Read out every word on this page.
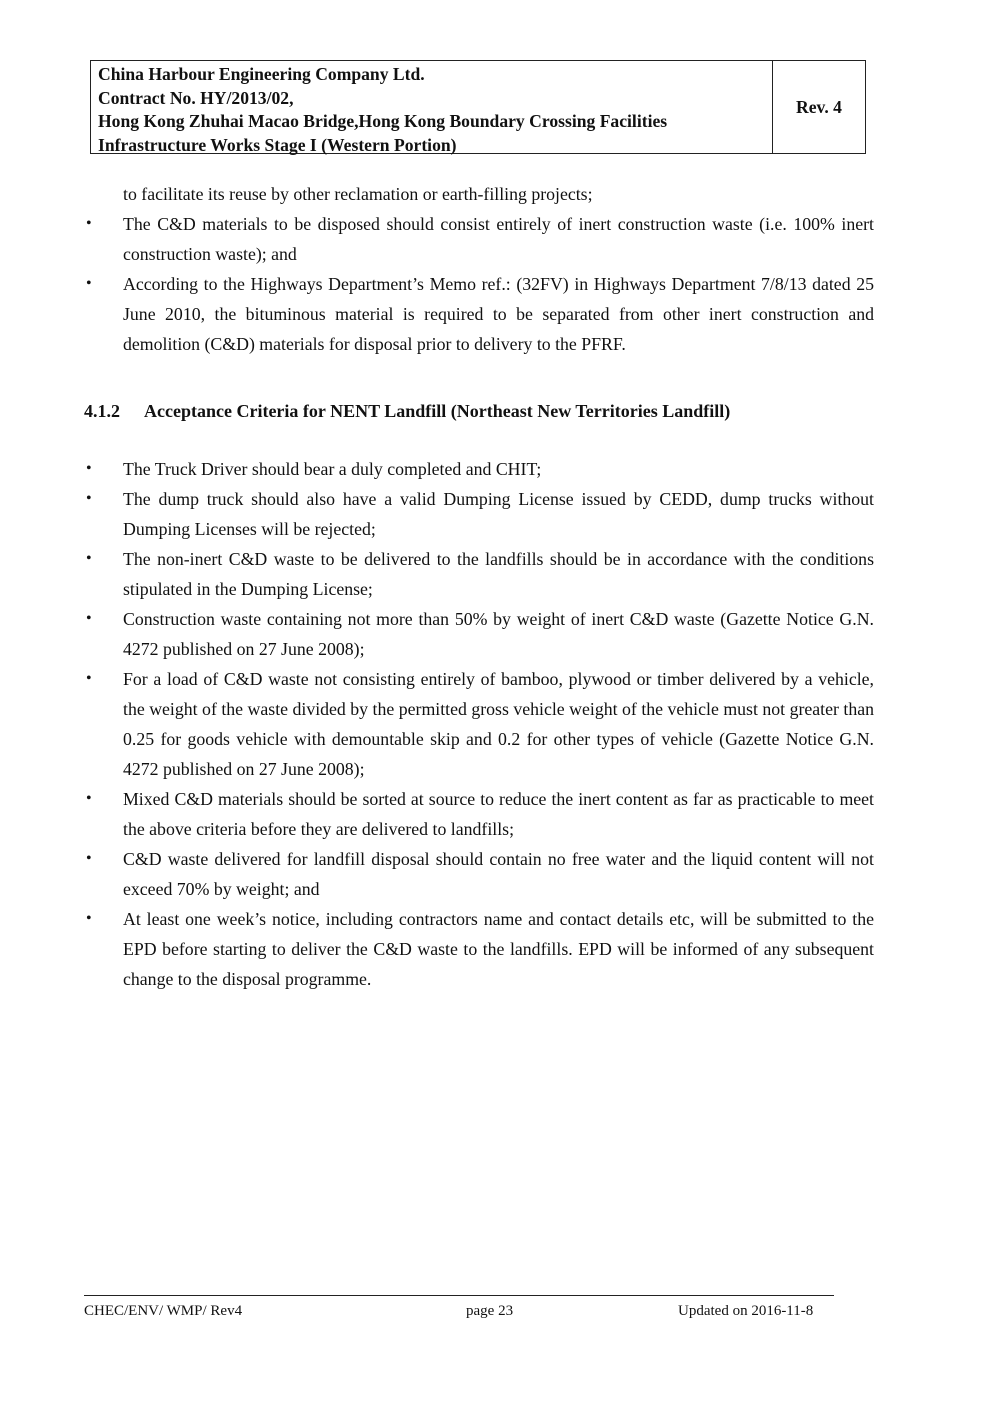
China Harbour Engineering Company Ltd.
Contract No. HY/2013/02,
Hong Kong Zhuhai Macao Bridge,Hong Kong Boundary Crossing Facilities
Infrastructure Works Stage I (Western Portion)
Rev. 4
to facilitate its reuse by other reclamation or earth-filling projects;
• The C&D materials to be disposed should consist entirely of inert construction waste (i.e. 100% inert construction waste); and
• According to the Highways Department’s Memo ref.: (32FV) in Highways Department 7/8/13 dated 25 June 2010, the bituminous material is required to be separated from other inert construction and demolition (C&D) materials for disposal prior to delivery to the PFRF.
4.1.2 Acceptance Criteria for NENT Landfill (Northeast New Territories Landfill)
• The Truck Driver should bear a duly completed and CHIT;
• The dump truck should also have a valid Dumping License issued by CEDD, dump trucks without Dumping Licenses will be rejected;
• The non-inert C&D waste to be delivered to the landfills should be in accordance with the conditions stipulated in the Dumping License;
• Construction waste containing not more than 50% by weight of inert C&D waste (Gazette Notice G.N. 4272 published on 27 June 2008);
• For a load of C&D waste not consisting entirely of bamboo, plywood or timber delivered by a vehicle, the weight of the waste divided by the permitted gross vehicle weight of the vehicle must not greater than 0.25 for goods vehicle with demountable skip and 0.2 for other types of vehicle (Gazette Notice G.N. 4272 published on 27 June 2008);
• Mixed C&D materials should be sorted at source to reduce the inert content as far as practicable to meet the above criteria before they are delivered to landfills;
• C&D waste delivered for landfill disposal should contain no free water and the liquid content will not exceed 70% by weight; and
• At least one week’s notice, including contractors name and contact details etc, will be submitted to the EPD before starting to deliver the C&D waste to the landfills. EPD will be informed of any subsequent change to the disposal programme.
CHEC/ENV/ WMP/ Rev4	page 23	Updated on 2016-11-8
